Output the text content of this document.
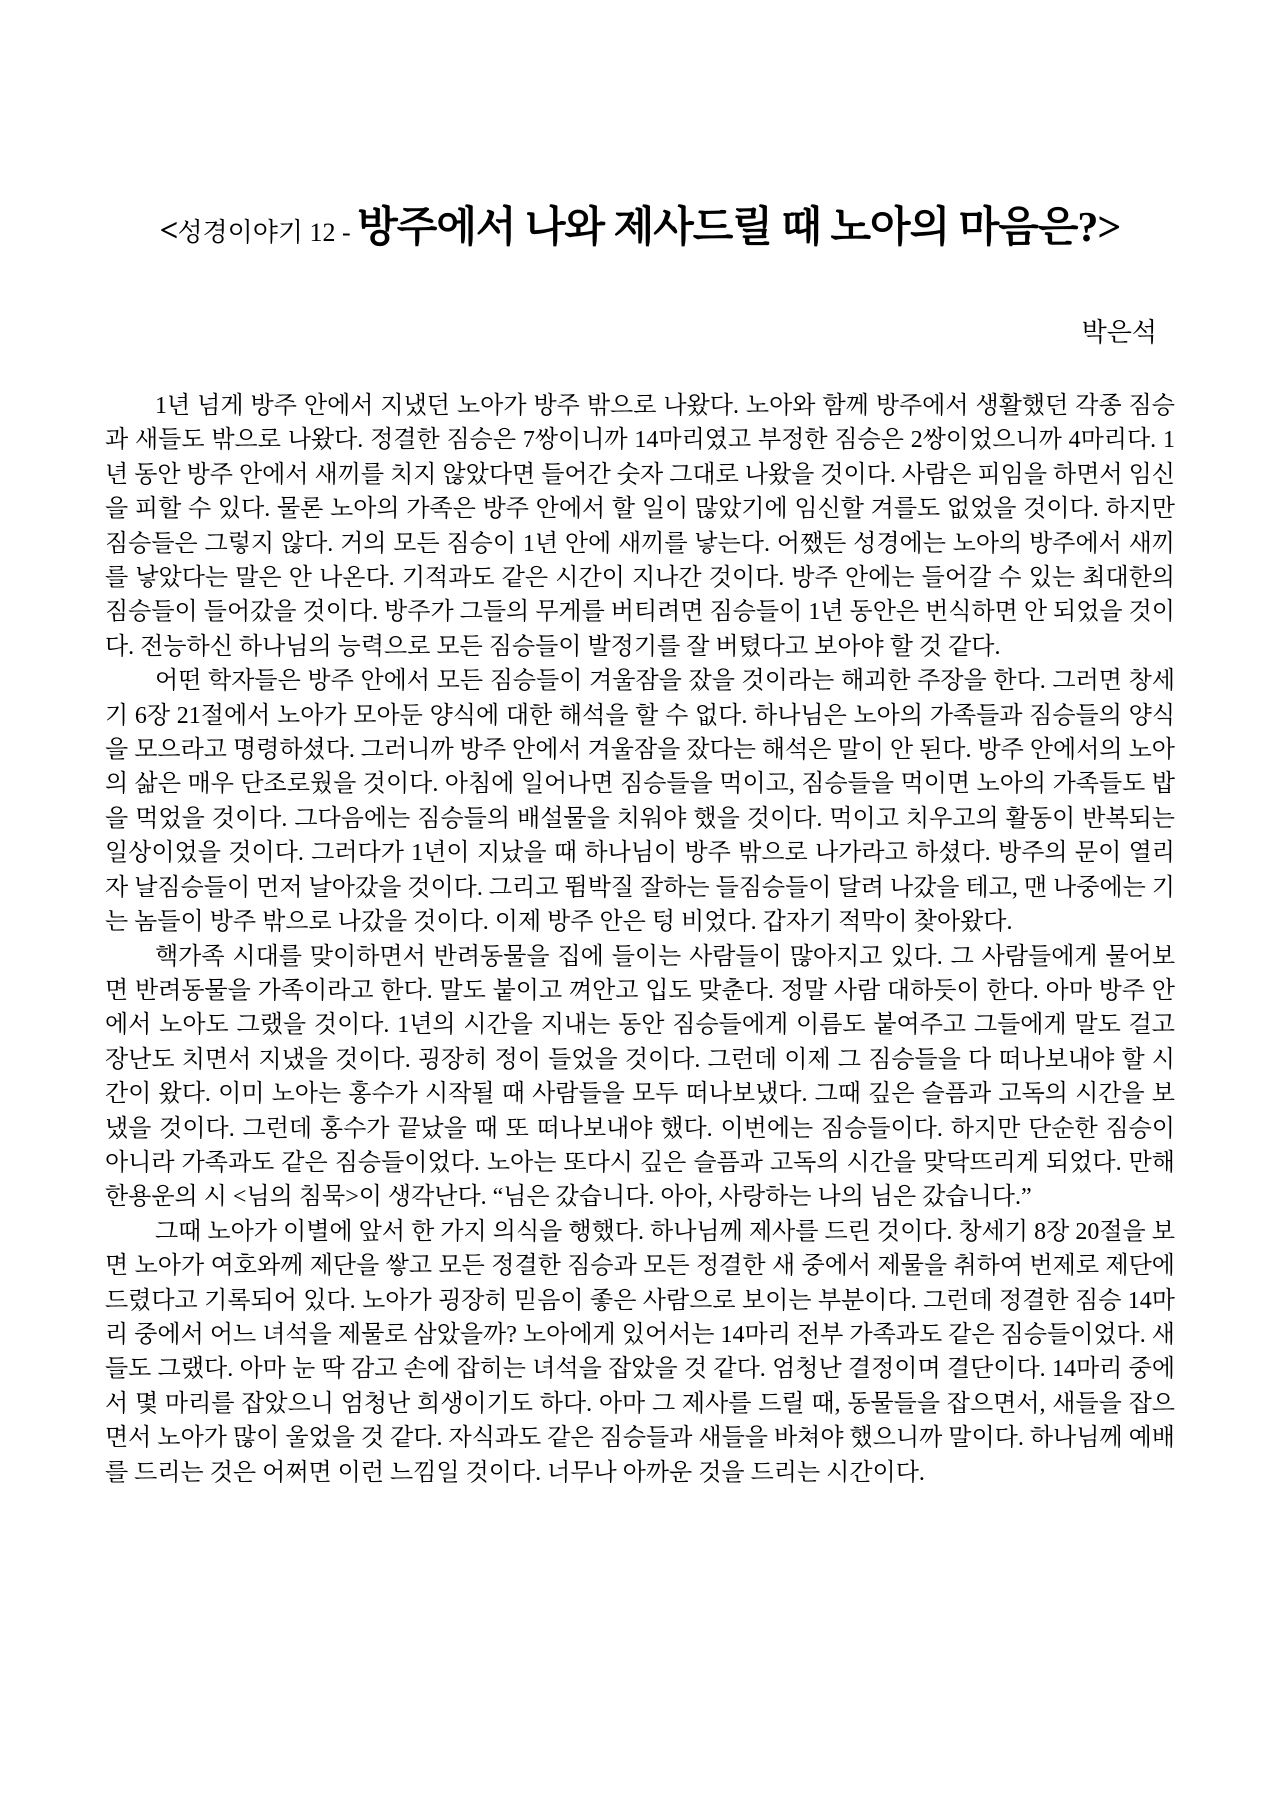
<성경이야기 12 - 방주에서 나와 제사드릴 때 노아의 마음은?>
박은석

1년 넘게 방주 안에서 지냈던 노아가 방주 밖으로 나왔다. 노아와 함께 방주에서 생활했던 각종 짐승과 새들도 밖으로 나왔다. 정결한 짐승은 7쌍이니까 14마리였고 부정한 짐승은 2쌍이었으니까 4마리다. 1년 동안 방주 안에서 새끼를 치지 않았다면 들어간 숫자 그대로 나왔을 것이다. 사람은 피임을 하면서 임신을 피할 수 있다. 물론 노아의 가족은 방주 안에서 할 일이 많았기에 임신할 겨를도 없었을 것이다. 하지만 짐승들은 그렇지 않다. 거의 모든 짐승이 1년 안에 새끼를 낳는다. 어쨌든 성경에는 노아의 방주에서 새끼를 낳았다는 말은 안 나온다. 기적과도 같은 시간이 지나간 것이다. 방주 안에는 들어갈 수 있는 최대한의 짐승들이 들어갔을 것이다. 방주가 그들의 무게를 버티려면 짐승들이 1년 동안은 번식하면 안 되었을 것이다. 전능하신 하나님의 능력으로 모든 짐승들이 발정기를 잘 버텼다고 보아야 할 것 같다.

어떤 학자들은 방주 안에서 모든 짐승들이 겨울잠을 잤을 것이라는 해괴한 주장을 한다. 그러면 창세기 6장 21절에서 노아가 모아둔 양식에 대한 해석을 할 수 없다. 하나님은 노아의 가족들과 짐승들의 양식을 모으라고 명령하셨다. 그러니까 방주 안에서 겨울잠을 잤다는 해석은 말이 안 된다. 방주 안에서의 노아의 삶은 매우 단조로웠을 것이다. 아침에 일어나면 짐승들을 먹이고, 짐승들을 먹이면 노아의 가족들도 밥을 먹었을 것이다. 그다음에는 짐승들의 배설물을 치워야 했을 것이다. 먹이고 치우고의 활동이 반복되는 일상이었을 것이다. 그러다가 1년이 지났을 때 하나님이 방주 밖으로 나가라고 하셨다. 방주의 문이 열리자 날짐승들이 먼저 날아갔을 것이다. 그리고 뜀박질 잘하는 들짐승들이 달려 나갔을 테고, 맨 나중에는 기는 놈들이 방주 밖으로 나갔을 것이다. 이제 방주 안은 텅 비었다. 갑자기 적막이 찾아왔다.

핵가족 시대를 맞이하면서 반려동물을 집에 들이는 사람들이 많아지고 있다. 그 사람들에게 물어보면 반려동물을 가족이라고 한다. 말도 붙이고 껴안고 입도 맞춘다. 정말 사람 대하듯이 한다. 아마 방주 안에서 노아도 그랬을 것이다. 1년의 시간을 지내는 동안 짐승들에게 이름도 붙여주고 그들에게 말도 걸고 장난도 치면서 지냈을 것이다. 굉장히 정이 들었을 것이다. 그런데 이제 그 짐승들을 다 떠나보내야 할 시간이 왔다. 이미 노아는 홍수가 시작될 때 사람들을 모두 떠나보냈다. 그때 깊은 슬픔과 고독의 시간을 보냈을 것이다. 그런데 홍수가 끝났을 때 또 떠나보내야 했다. 이번에는 짐승들이다. 하지만 단순한 짐승이 아니라 가족과도 같은 짐승들이었다. 노아는 또다시 깊은 슬픔과 고독의 시간을 맞닥뜨리게 되었다. 만해 한용운의 시 <님의 침묵>이 생각난다. “님은 갔습니다. 아아, 사랑하는 나의 님은 갔습니다.”

그때 노아가 이별에 앞서 한 가지 의식을 행했다. 하나님께 제사를 드린 것이다. 창세기 8장 20절을 보면 노아가 여호와께 제단을 쌓고 모든 정결한 짐승과 모든 정결한 새 중에서 제물을 취하여 번제로 제단에 드렸다고 기록되어 있다. 노아가 굉장히 믿음이 좋은 사람으로 보이는 부분이다. 그런데 정결한 짐승 14마리 중에서 어느 녀석을 제물로 삼았을까? 노아에게 있어서는 14마리 전부 가족과도 같은 짐승들이었다. 새들도 그랬다. 아마 눈 딱 감고 손에 잡히는 녀석을 잡았을 것 같다. 엄청난 결정이며 결단이다. 14마리 중에서 몇 마리를 잡았으니 엄청난 희생이기도 하다. 아마 그 제사를 드릴 때, 동물들을 잡으면서, 새들을 잡으면서 노아가 많이 울었을 것 같다. 자식과도 같은 짐승들과 새들을 바쳐야 했으니까 말이다. 하나님께 예배를 드리는 것은 어쩌면 이런 느낌일 것이다. 너무나 아까운 것을 드리는 시간이다.
